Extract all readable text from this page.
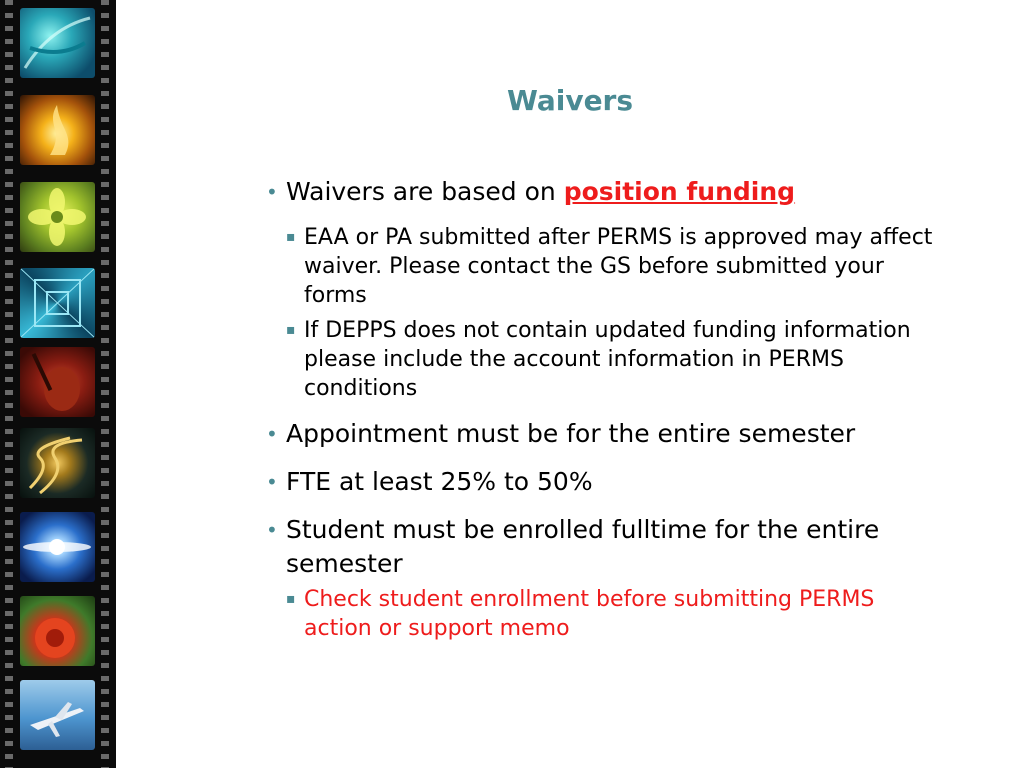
Waivers
• Waivers are based on position funding
▪ EAA or PA submitted after PERMS is approved may affect waiver. Please contact the GS before submitted your forms
▪ If DEPPS does not contain updated funding information please include the account information in PERMS conditions
• Appointment must be for the entire semester
• FTE at least 25% to 50%
• Student must be enrolled fulltime for the entire semester
▪ Check student enrollment before submitting PERMS action or support memo
